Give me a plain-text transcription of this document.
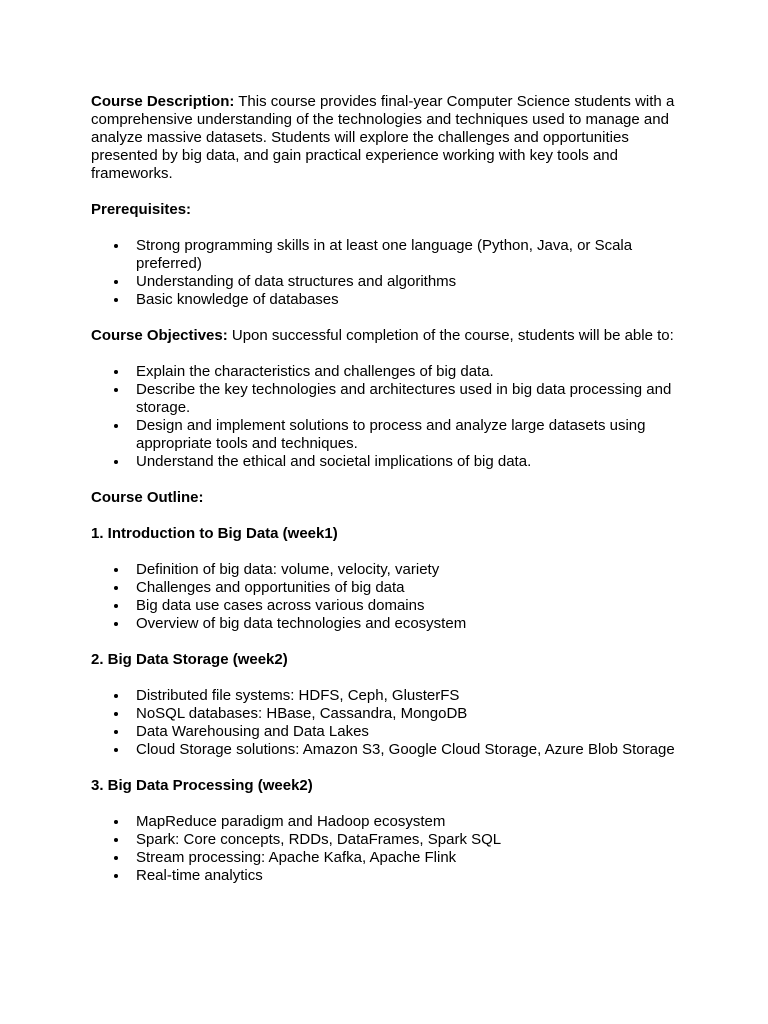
Course Description: This course provides final-year Computer Science students with a comprehensive understanding of the technologies and techniques used to manage and analyze massive datasets. Students will explore the challenges and opportunities presented by big data, and gain practical experience working with key tools and frameworks.

Prerequisites:

Strong programming skills in at least one language (Python, Java, or Scala preferred)
Understanding of data structures and algorithms
Basic knowledge of databases

Course Objectives: Upon successful completion of the course, students will be able to:

Explain the characteristics and challenges of big data.
Describe the key technologies and architectures used in big data processing and storage.
Design and implement solutions to process and analyze large datasets using appropriate tools and techniques.
Understand the ethical and societal implications of big data.

Course Outline:

1. Introduction to Big Data (week1)

Definition of big data: volume, velocity, variety
Challenges and opportunities of big data
Big data use cases across various domains
Overview of big data technologies and ecosystem

2. Big Data Storage (week2)

Distributed file systems: HDFS, Ceph, GlusterFS
NoSQL databases: HBase, Cassandra, MongoDB
Data Warehousing and Data Lakes
Cloud Storage solutions: Amazon S3, Google Cloud Storage, Azure Blob Storage

3. Big Data Processing (week2)

MapReduce paradigm and Hadoop ecosystem
Spark: Core concepts, RDDs, DataFrames, Spark SQL
Stream processing: Apache Kafka, Apache Flink
Real-time analytics
